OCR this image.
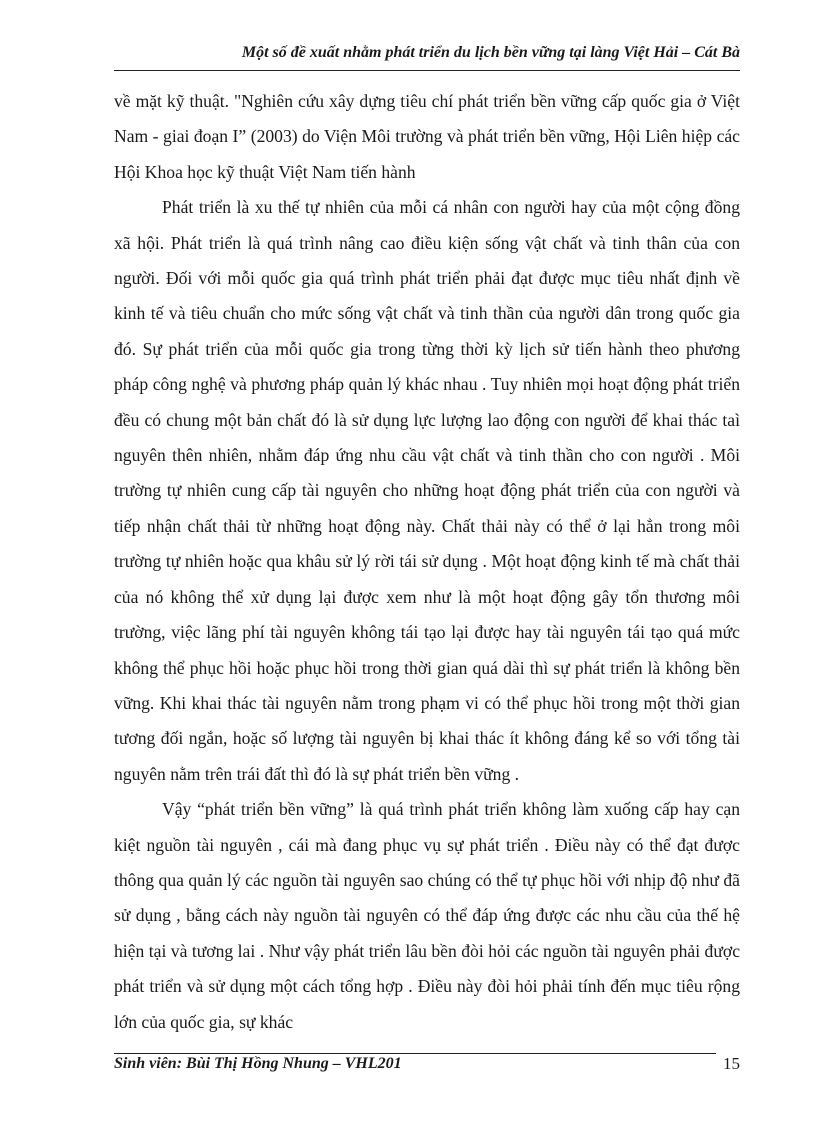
Một số đề xuất nhằm phát triển du lịch bền vững tại làng Việt Hải – Cát Bà

về mặt kỹ thuật. "Nghiên cứu xây dựng tiêu chí phát triển bền vững cấp quốc gia ở Việt Nam - giai đoạn I” (2003) do Viện Môi trường và phát triển bền vững, Hội Liên hiệp các Hội Khoa học kỹ thuật Việt Nam tiến hành

Phát triển là xu thế tự nhiên của mỗi cá nhân con người hay của một cộng đồng xã hội. Phát triển là quá trình nâng cao điều kiện sống vật chất và tinh thân của con người. Đối với mỗi quốc gia quá trình phát triển phải đạt được mục tiêu nhất định về kinh tế và tiêu chuẩn cho mức sống vật chất và tinh thần của người dân trong quốc gia đó. Sự phát triển của mỗi quốc gia trong từng thời kỳ lịch sử tiến hành theo phương pháp công nghệ và phương pháp quản lý khác nhau . Tuy nhiên mọi hoạt động phát triển đều có chung một bản chất đó là sử dụng lực lượng lao động con người để khai thác taì nguyên thên nhiên, nhằm đáp ứng nhu cầu vật chất và tinh thần cho con người . Môi trường tự nhiên cung cấp tài nguyên cho những hoạt động phát triển của con người và tiếp nhận chất thải từ những hoạt động này. Chất thải này có thể ở lại hẳn trong môi trường tự nhiên hoặc qua khâu sử lý rời tái sử dụng . Một hoạt động kinh tế mà chất thải của nó không thể xử dụng lại được xem như là một hoạt động gây tổn thương môi trường, việc lãng phí tài nguyên không tái tạo lại được hay tài nguyên tái tạo quá mức không thể phục hồi hoặc phục hồi trong thời gian quá dài thì sự phát triển là không bền vững. Khi khai thác tài nguyên nằm trong phạm vi có thể phục hồi trong một thời gian tương đối ngắn, hoặc số lượng tài nguyên bị khai thác ít không đáng kể so với tổng tài nguyên nằm trên trái đất thì đó là sự phát triển bền vững .

Vậy “phát triển bền vững” là quá trình phát triển không làm xuống cấp hay cạn kiệt nguồn tài nguyên , cái mà đang phục vụ sự phát triển . Điều này có thể đạt được thông qua quản lý các nguồn tài nguyên sao chúng có thể tự phục hồi với nhịp độ như đã sử dụng , bằng cách này nguồn tài nguyên có thể đáp ứng được các nhu cầu của thế hệ hiện tại và tương lai . Như vậy phát triển lâu bền đòi hỏi các nguồn tài nguyên phải được phát triển và sử dụng một cách tổng hợp . Điều này đòi hỏi phải tính đến mục tiêu rộng lớn của quốc gia, sự khác

Sinh viên: Bùi Thị Hồng Nhung – VHL201	15
